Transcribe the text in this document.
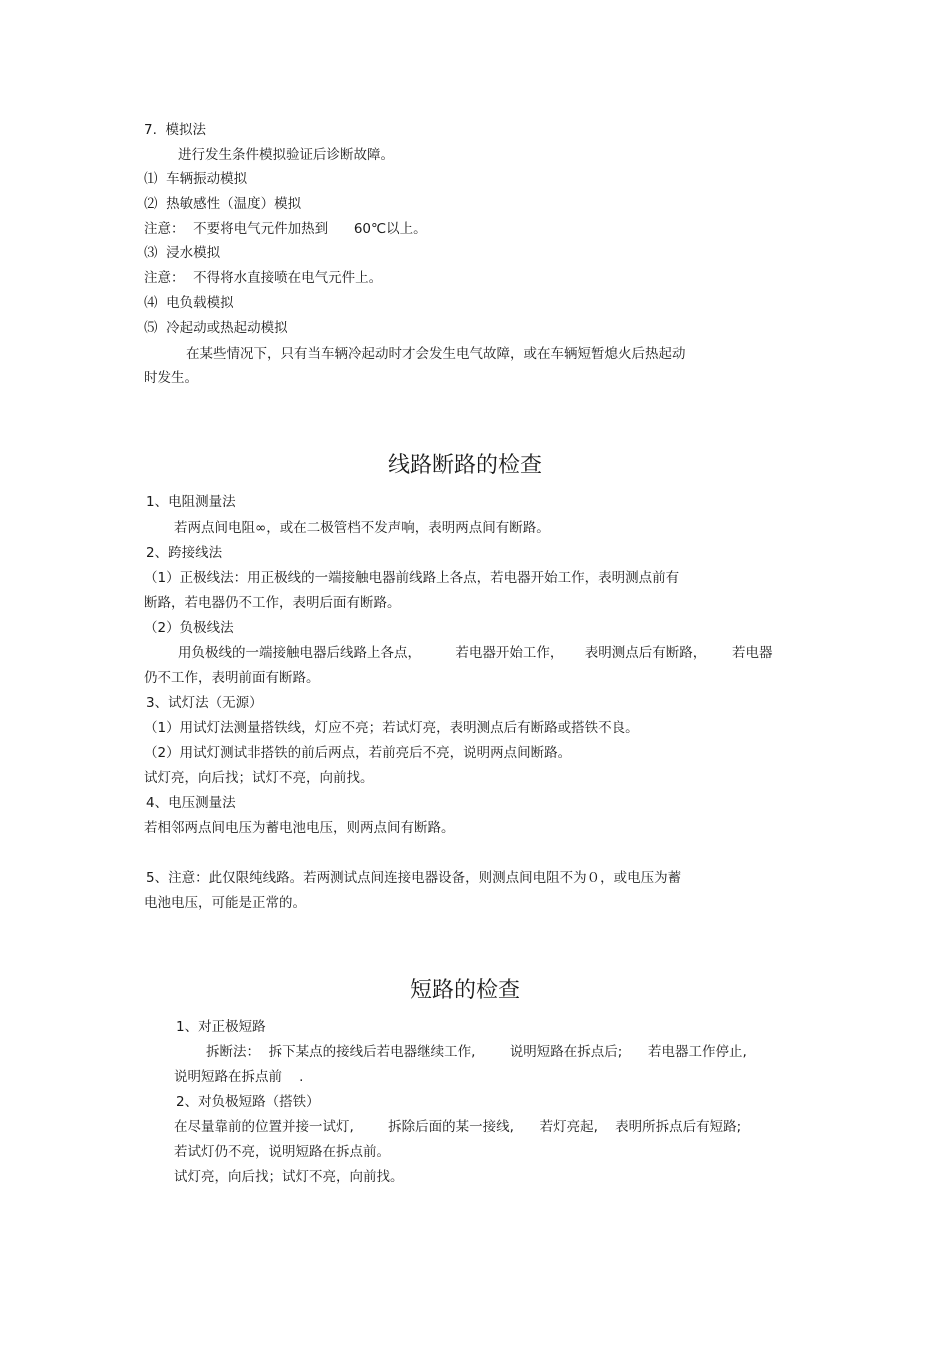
7.  模拟法
进行发生条件模拟验证后诊断故障。
⑴  车辆振动模拟
⑵  热敏感性（温度）模拟
注意：  不要将电气元件加热到      60℃以上。
⑶  浸水模拟
注意：  不得将水直接喷在电气元件上。
⑷  电负载模拟
⑸  冷起动或热起动模拟
在某些情况下，只有当车辆冷起动时才会发生电气故障，或在车辆短暂熄火后热起动
时发生。
线路断路的检查
1、电阻测量法
若两点间电阻∞，或在二极管档不发声响，表明两点间有断路。
2、跨接线法
（1）正极线法：用正极线的一端接触电器前线路上各点，若电器开始工作，表明测点前有
断路，若电器仍不工作，表明后面有断路。
（2）负极线法
用负极线的一端接触电器后线路上各点，        若电器开始工作，     表明测点后有断路，      若电器
仍不工作，表明前面有断路。
3、试灯法（无源）
（1）用试灯法测量搭铁线，灯应不亮；若试灯亮，表明测点后有断路或搭铁不良。
（2）用试灯测试非搭铁的前后两点，若前亮后不亮，说明两点间断路。
试灯亮，向后找；试灯不亮，向前找。
4、电压测量法
若相邻两点间电压为蓄电池电压，则两点间有断路。
5、注意：此仅限纯线路。若两测试点间连接电器设备，则测点间电阻不为０，或电压为蓄
电池电压，可能是正常的。
短路的检查
1、对正极短路
拆断法：  拆下某点的接线后若电器继续工作,        说明短路在拆点后;      若电器工作停止,
说明短路在拆点前    .
2、对负极短路（搭铁）
在尽量靠前的位置并接一试灯,        拆除后面的某一接线,      若灯亮起,    表明所拆点后有短路;
若试灯仍不亮，说明短路在拆点前。
试灯亮，向后找；试灯不亮，向前找。
